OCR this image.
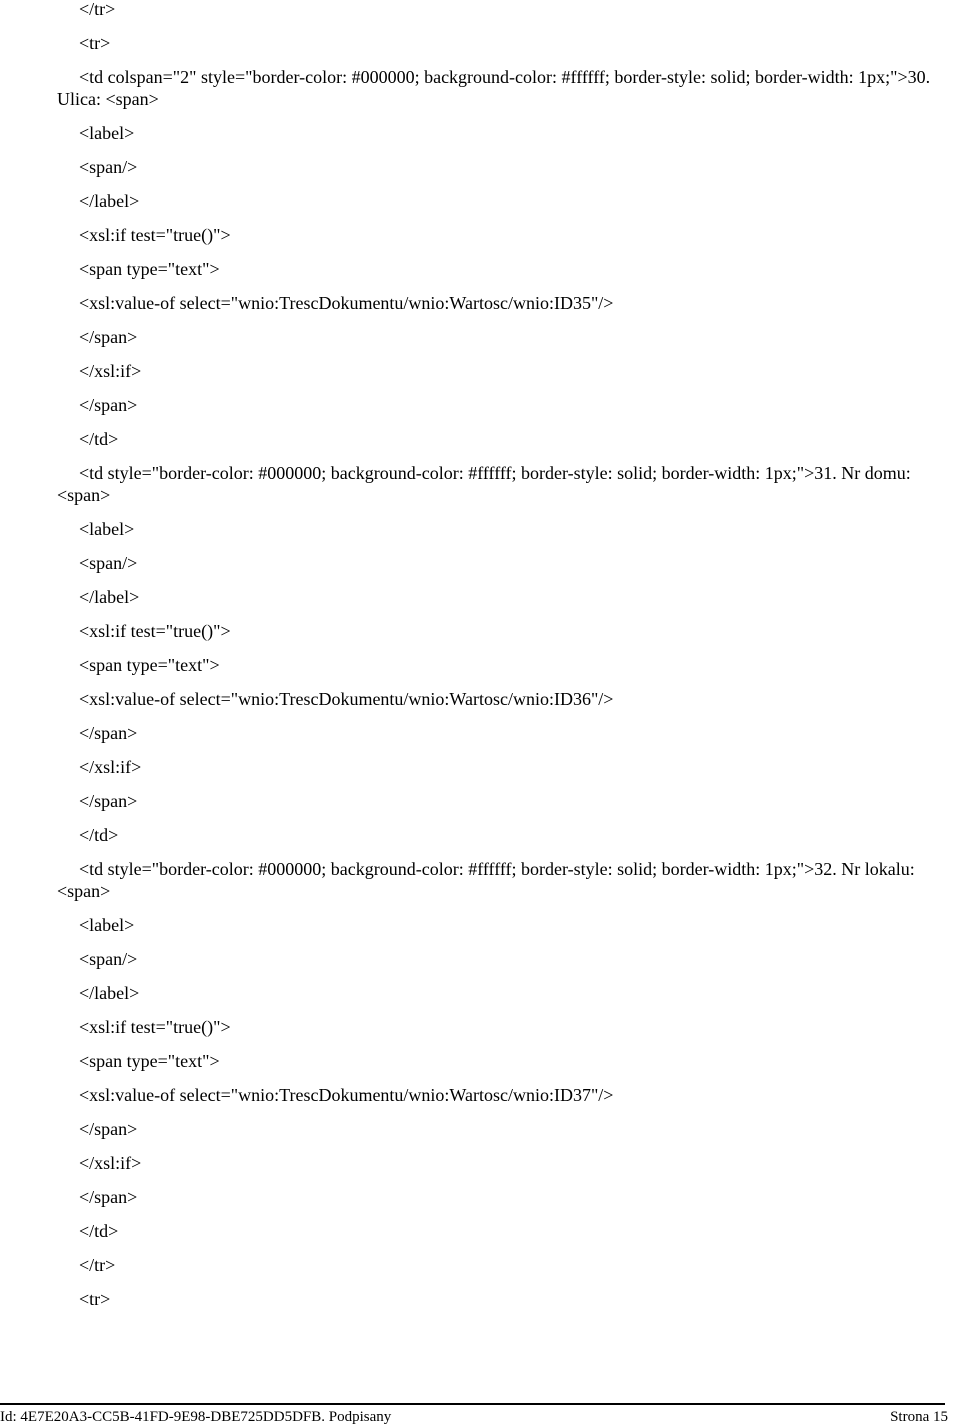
</tr>
<tr>
<td colspan="2" style="border-color: #000000; background-color: #ffffff; border-style: solid; border-width: 1px;">30. Ulica: <span>
<label>
<span/>
</label>
<xsl:if test="true()">
<span type="text">
<xsl:value-of select="wnio:TrescDokumentu/wnio:Wartosc/wnio:ID35"/>
</span>
</xsl:if>
</span>
</td>
<td style="border-color: #000000; background-color: #ffffff; border-style: solid; border-width: 1px;">31. Nr domu: <span>
<label>
<span/>
</label>
<xsl:if test="true()">
<span type="text">
<xsl:value-of select="wnio:TrescDokumentu/wnio:Wartosc/wnio:ID36"/>
</span>
</xsl:if>
</span>
</td>
<td style="border-color: #000000; background-color: #ffffff; border-style: solid; border-width: 1px;">32. Nr lokalu: <span>
<label>
<span/>
</label>
<xsl:if test="true()">
<span type="text">
<xsl:value-of select="wnio:TrescDokumentu/wnio:Wartosc/wnio:ID37"/>
</span>
</xsl:if>
</span>
</td>
</tr>
<tr>
Id: 4E7E20A3-CC5B-41FD-9E98-DBE725DD5DFB. Podpisany	Strona 15
